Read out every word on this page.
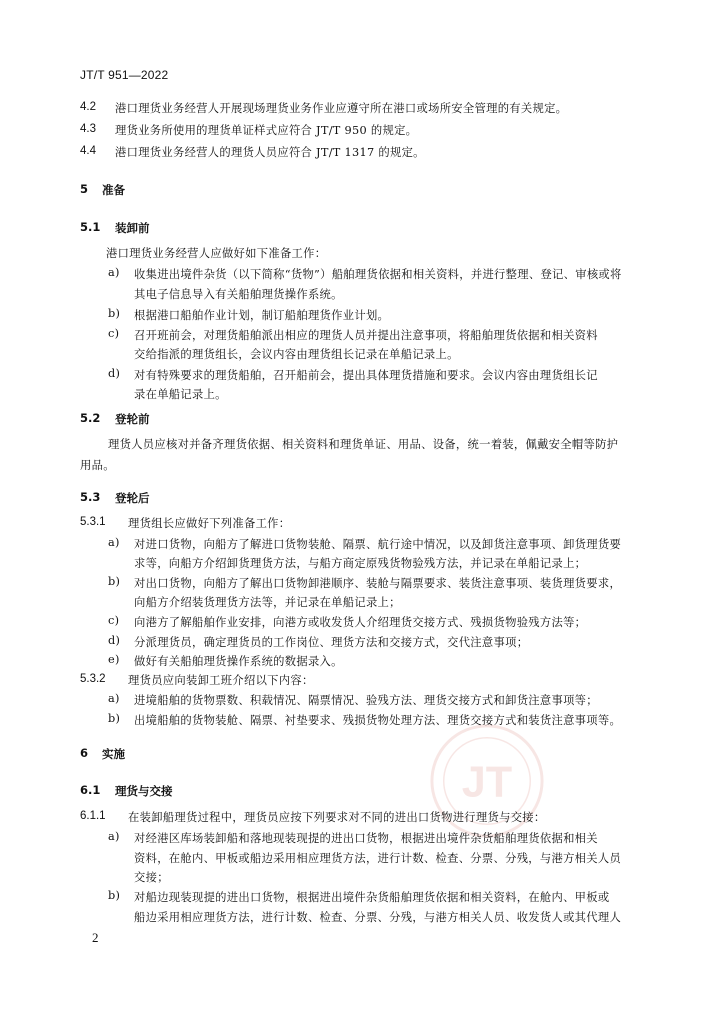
JT/T 951—2022
4.2 港口理货业务经营人开展现场理货业务作业应遵守所在港口或场所安全管理的有关规定。
4.3 理货业务所使用的理货单证样式应符合 JT/T 950 的规定。
4.4 港口理货业务经营人的理货人员应符合 JT/T 1317 的规定。
5 准备
5.1 装卸前
港口理货业务经营人应做好如下准备工作：
a) 收集进出境件杂货（以下简称“货物”）船舶理货依据和相关资料，并进行整理、登记、审核或将
其电子信息导入有关船舶理货操作系统。
b) 根据港口船舶作业计划，制订船舶理货作业计划。
c) 召开班前会，对理货船舶派出相应的理货人员并提出注意事项，将船舶理货依据和相关资料
交给指派的理货组长，会议内容由理货组长记录在单船记录上。
d) 对有特殊要求的理货船舶，召开船前会，提出具体理货措施和要求。会议内容由理货组长记
录在单船记录上。
5.2 登轮前
理货人员应核对并备齐理货依据、相关资料和理货单证、用品、设备，统一着装，佩戴安全帽等防护
用品。
5.3 登轮后
5.3.1 理货组长应做好下列准备工作：
a) 对进口货物，向船方了解进口货物装舱、隔票、航行途中情况，以及卸货注意事项、卸货理货要
求等，向船方介绍卸货理货方法，与船方商定原残货物验残方法，并记录在单船记录上；
b) 对出口货物，向船方了解出口货物卸港顺序、装舱与隔票要求、装货注意事项、装货理货要求，
向船方介绍装货理货方法等，并记录在单船记录上；
c) 向港方了解船舶作业安排，向港方或收发货人介绍理货交接方式、残损货物验残方法等；
d) 分派理货员，确定理货员的工作岗位、理货方法和交接方式，交代注意事项；
e) 做好有关船舶理货操作系统的数据录入。
5.3.2 理货员应向装卸工班介绍以下内容：
a) 进境船舶的货物票数、积载情况、隔票情况、验残方法、理货交接方式和卸货注意事项等；
b) 出境船舶的货物装舱、隔票、衬垫要求、残损货物处理方法、理货交接方式和装货注意事项等。
JT
6 实施
6.1 理货与交接
6.1.1 在装卸船理货过程中，理货员应按下列要求对不同的进出口货物进行理货与交接：
a) 对经港区库场装卸船和落地现装现提的进出口货物，根据进出境件杂货船舶理货依据和相关
资料，在舱内、甲板或船边采用相应理货方法，进行计数、检查、分票、分残，与港方相关人员
交接；
b) 对船边现装现提的进出口货物，根据进出境件杂货船舶理货依据和相关资料，在舱内、甲板或
船边采用相应理货方法，进行计数、检查、分票、分残，与港方相关人员、收发货人或其代理人
2
